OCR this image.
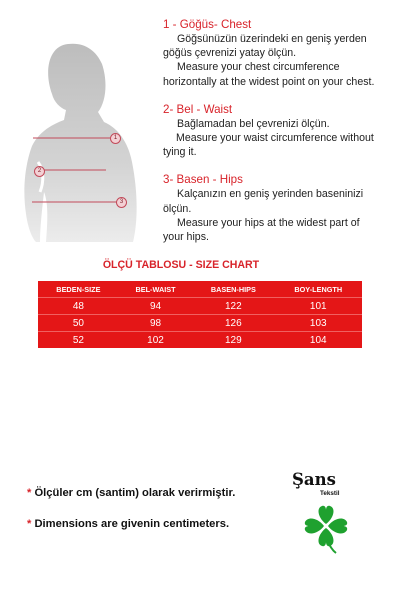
1
2
3
1 - Göğüs- Chest
Göğsünüzün üzerindeki en geniş yerden
göğüs çevrenizi yatay ölçün.
Measure your chest circumference
horizontally at the widest point on your chest.
2- Bel - Waist
Bağlamadan bel çevrenizi ölçün.
Measure your waist circumference without
tying it.
3- Basen - Hips
Kalçanızın en geniş yerinden baseninizi
ölçün.
Measure your hips at the widest part of
your hips.
ÖLÇÜ TABLOSU - SIZE CHART
BEDEN-SIZE	BEL-WAIST	BASEN-HIPS	BOY-LENGTH
48	94	122	101
50	98	126	103
52	102	129	104
* Ölçüler cm (santim) olarak verirmiştir.
* Dimensions are givenin centimeters.
Şans
Tekstil
